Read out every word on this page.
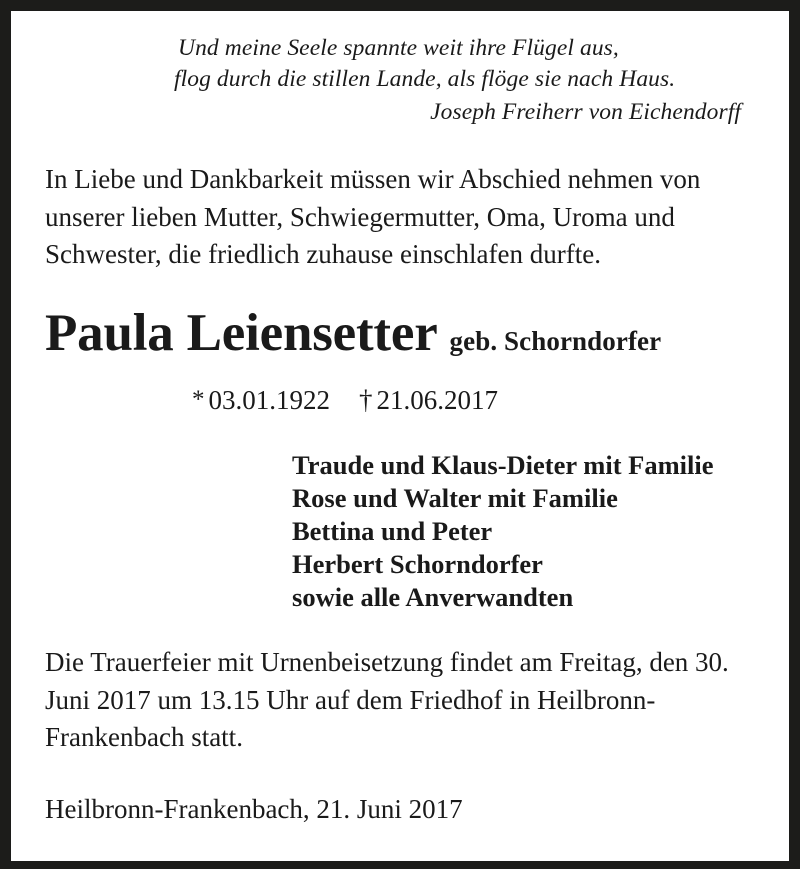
Und meine Seele spannte weit ihre Flügel aus,
flog durch die stillen Lande, als flöge sie nach Haus.
Joseph Freiherr von Eichendorff
In Liebe und Dankbarkeit müssen wir Abschied nehmen von unserer lieben Mutter, Schwiegermutter, Oma, Uroma und Schwester, die friedlich zuhause einschlafen durfte.
Paula Leiensetter geb. Schorndorfer
* 03.01.1922 † 21.06.2017
Traude und Klaus-Dieter mit Familie
Rose und Walter mit Familie
Bettina und Peter
Herbert Schorndorfer
sowie alle Anverwandten
Die Trauerfeier mit Urnenbeisetzung findet am Freitag, den 30. Juni 2017 um 13.15 Uhr auf dem Friedhof in Heilbronn-Frankenbach statt.
Heilbronn-Frankenbach, 21. Juni 2017
